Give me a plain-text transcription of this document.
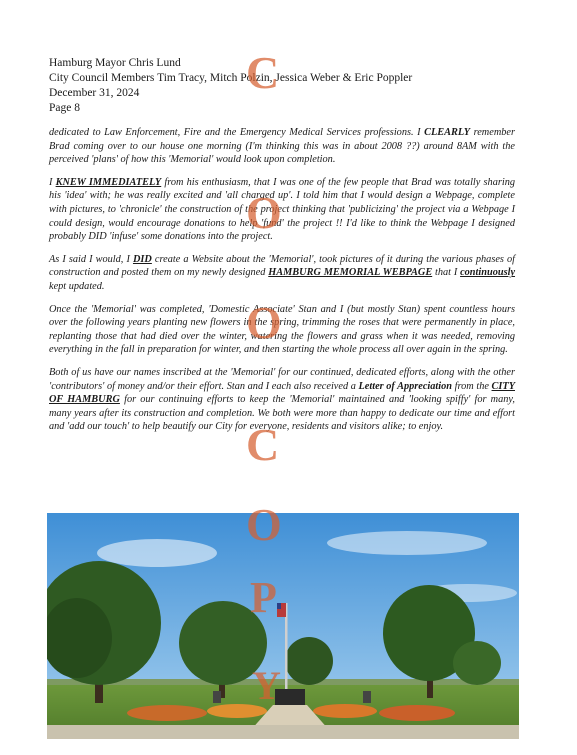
Hamburg Mayor Chris Lund
City Council Members Tim Tracy, Mitch Polzin, Jessica Weber & Eric Poppler
December 31, 2024
Page 8

dedicated to Law Enforcement, Fire and the Emergency Medical Services professions. I CLEARLY remember Brad coming over to our house one morning (I'm thinking this was in about 2008 ??) around 8AM with the perceived 'plans' of how this 'Memorial' would look upon completion.

I KNEW IMMEDIATELY from his enthusiasm, that I was one of the few people that Brad was totally sharing his 'idea' with; he was really excited and 'all charged up'. I told him that I would design a Webpage, complete with pictures, to 'chronicle' the construction of the project thinking that 'publicizing' the project via a Webpage I could design, would encourage donations to help 'fund' the project !! I'd like to think the Webpage I designed probably DID 'infuse' some donations into the project.

As I said I would, I DID create a Website about the 'Memorial', took pictures of it during the various phases of construction and posted them on my newly designed HAMBURG MEMORIAL WEBPAGE that I continuously kept updated.

Once the 'Memorial' was completed, 'Domestic Associate' Stan and I (but mostly Stan) spent countless hours over the following years planting new flowers in the spring, trimming the roses that were permanently in place, replanting those that had died over the winter, watering the flowers and grass when it was needed, removing everything in the fall in preparation for winter, and then starting the whole process all over again in the spring.

Both of us have our names inscribed at the 'Memorial' for our continued, dedicated efforts, along with the other 'contributors' of money and/or their effort. Stan and I each also received a Letter of Appreciation from the CITY OF HAMBURG for our continuing efforts to keep the 'Memorial' maintained and 'looking spiffy' for many, many years after its construction and completion. We both were more than happy to dedicate our time and effort and 'add our touch' to help beautify our City for everyone, residents and visitors alike; to enjoy.

C
O
O
C
O
P
Y
